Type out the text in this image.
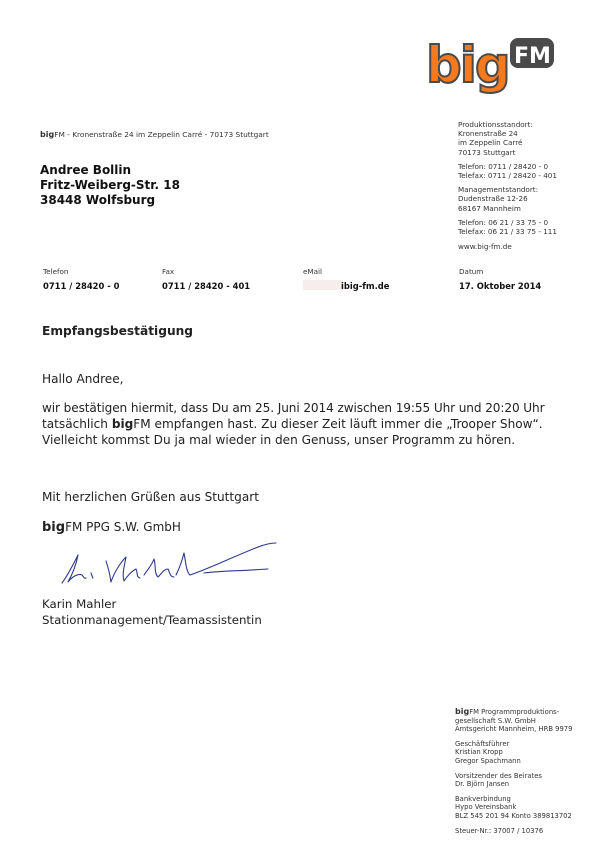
big FM
bigFM - Kronenstraße 24 im Zeppelin Carré - 70173 Stuttgart
Andree Bollin
Fritz-Weiberg-Str. 18
38448 Wolfsburg
Produktionsstandort:
Kronenstraße 24
im Zeppelin Carré
70173 Stuttgart
Telefon: 0711 / 28420 - 0
Telefax: 0711 / 28420 - 401
Managementstandort:
Dudenstraße 12-26
68167 Mannheim
Telefon: 06 21 / 33 75 - 0
Telefax: 06 21 / 33 75 - 111
www.big-fm.de
Telefon
0711 / 28420 - 0
Fax
0711 / 28420 - 401
eMail
ibig-fm.de
Datum
17. Oktober 2014
Empfangsbestätigung
Hallo Andree,
wir bestätigen hiermit, dass Du am 25. Juni 2014 zwischen 19:55 Uhr und 20:20 Uhr
tatsächlich bigFM empfangen hast. Zu dieser Zeit läuft immer die „Trooper Show“.
Vielleicht kommst Du ja mal wieder in den Genuss, unser Programm zu hören.
Mit herzlichen Grüßen aus Stuttgart
bigFM PPG S.W. GmbH
Karin Mahler
Stationmanagement/Teamassistentin
bigFM Programmproduktions-
gesellschaft S.W. GmbH
Amtsgericht Mannheim, HRB 9979
Geschäftsführer
Kristian Kropp
Gregor Spachmann
Vorsitzender des Beirates
Dr. Björn Jansen
Bankverbindung
Hypo Vereinsbank
BLZ 545 201 94 Konto 389813702
Steuer-Nr.: 37007 / 10376
